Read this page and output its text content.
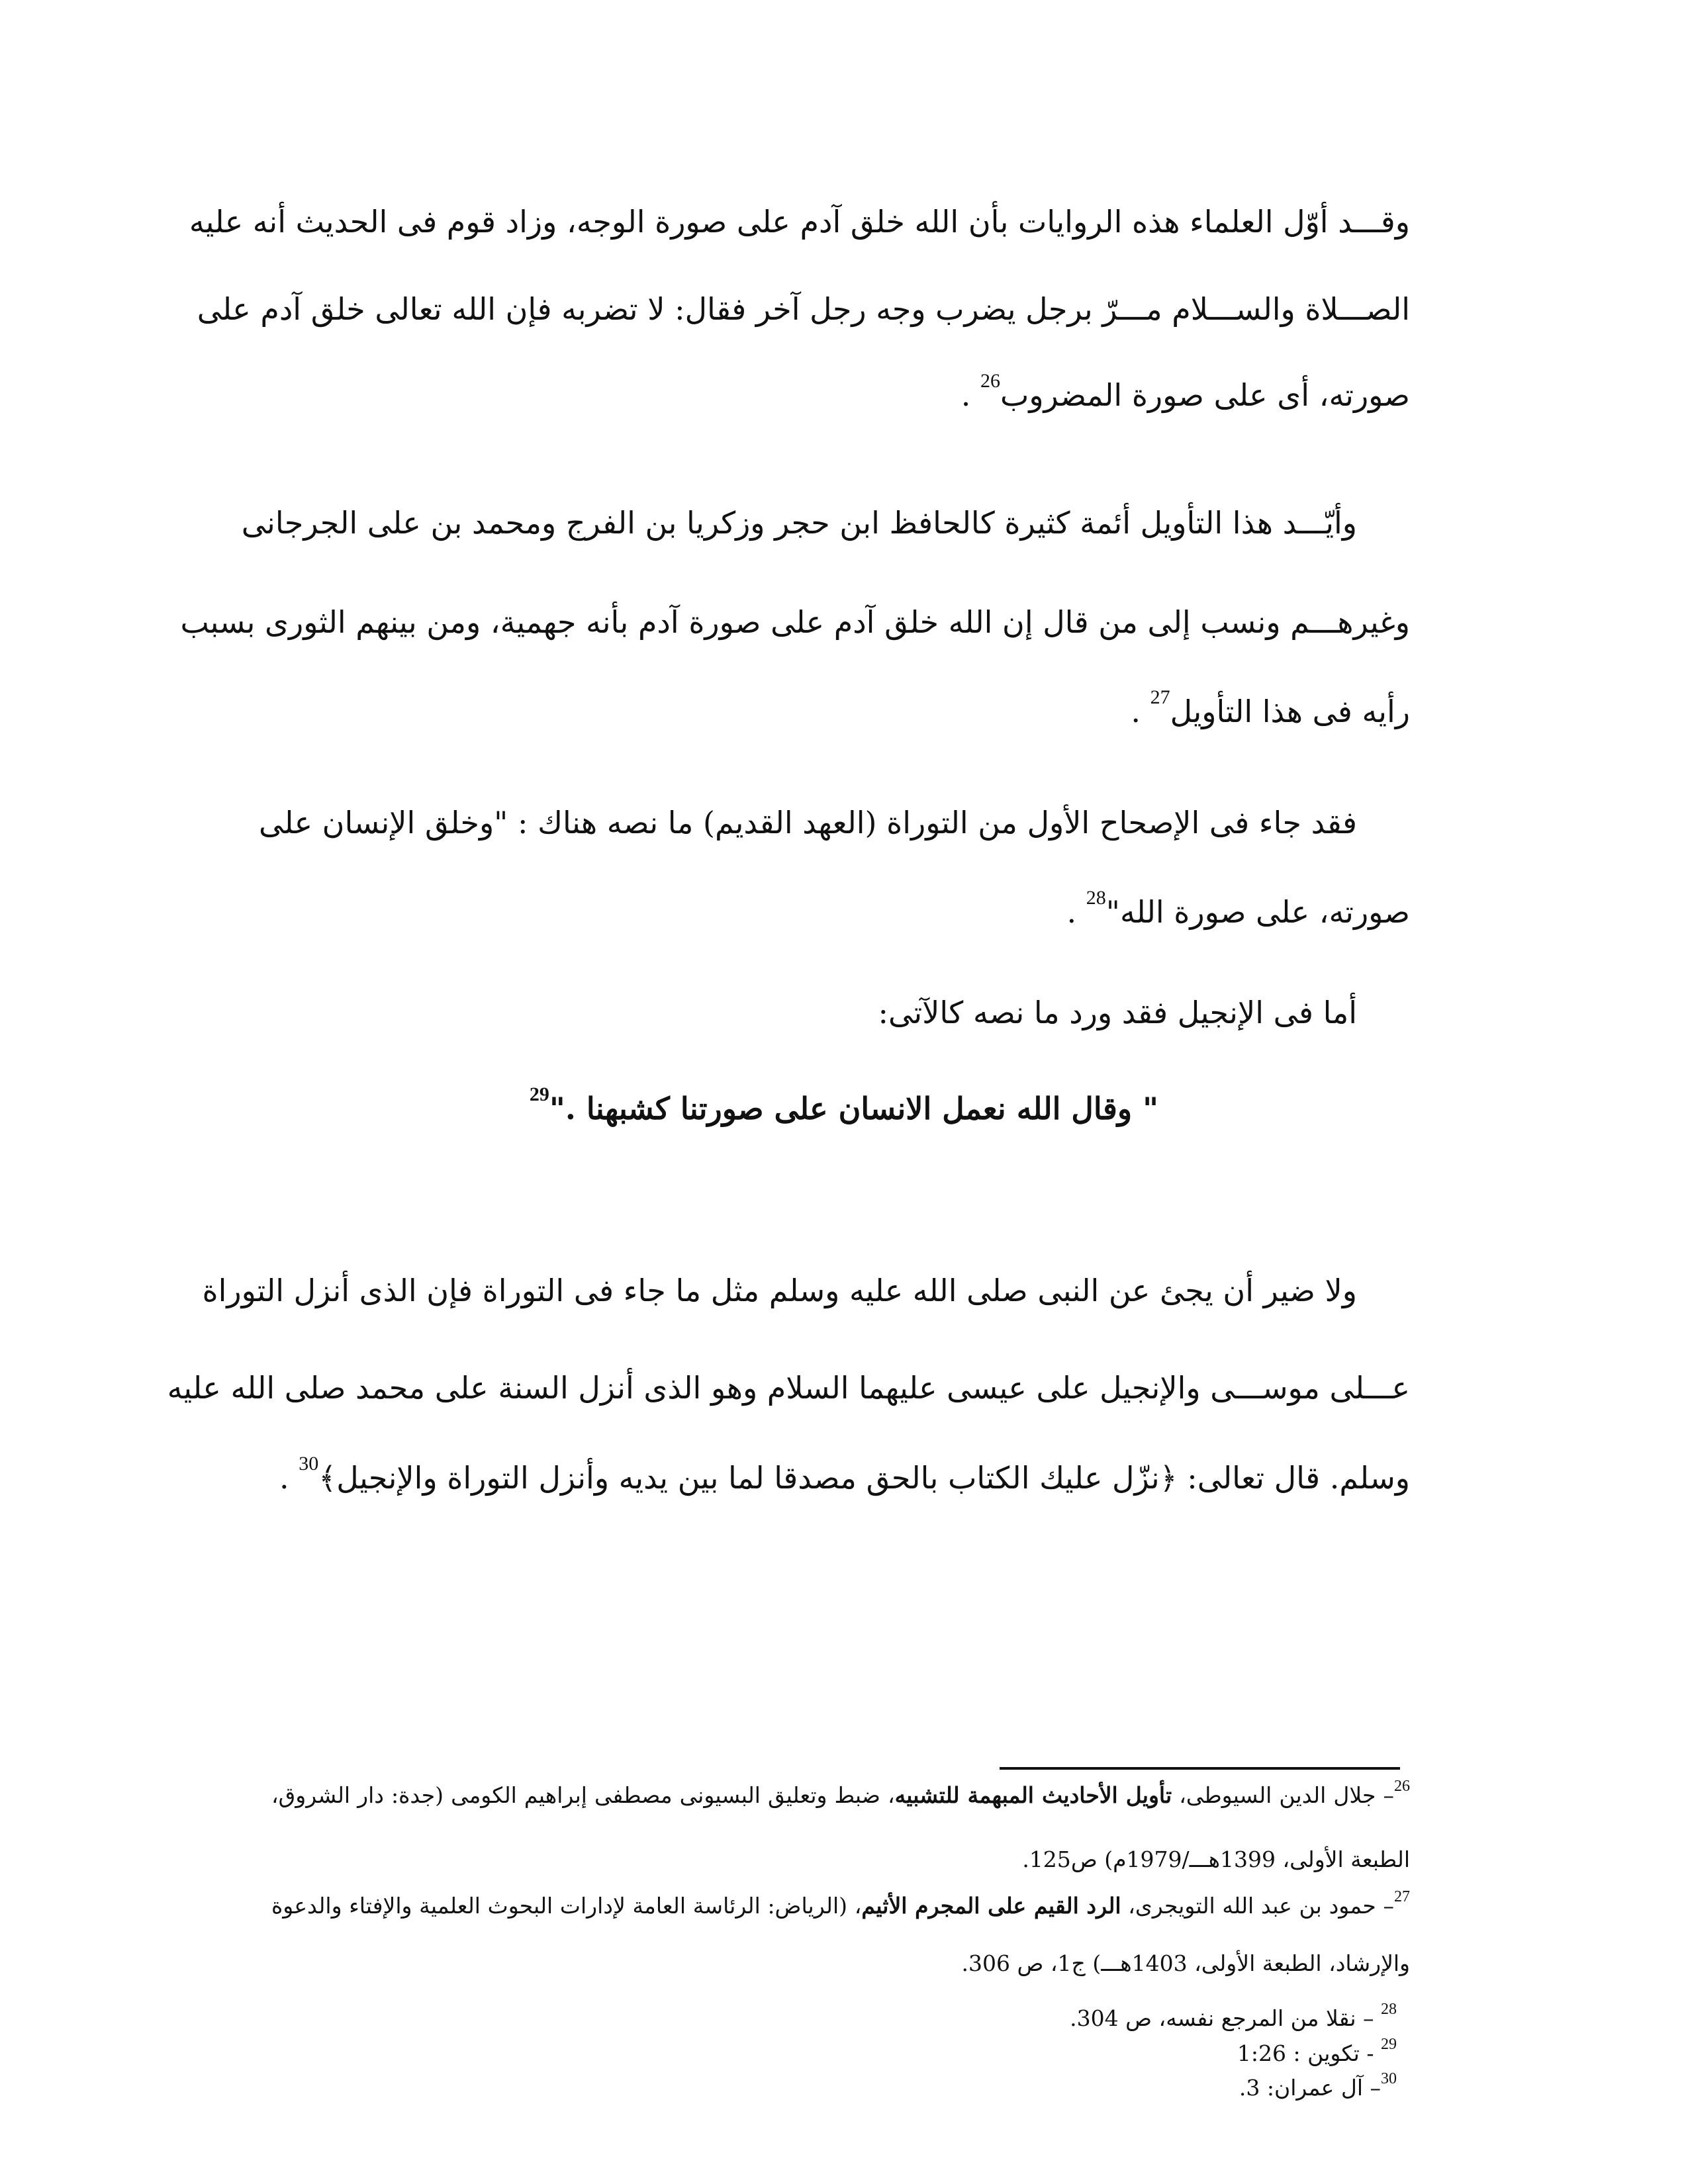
وقـــد أوّل العلماء هذه الروايات بأن الله خلق آدم على صورة الوجه، وزاد قوم فى الحديث أنه عليه
الصـــلاة والســـلام مـــرّ برجل يضرب وجه رجل آخر فقال: لا تضربه فإن الله تعالى خلق آدم على
صورته، أى على صورة المضروب$^{26}$ .
وأيّـــد هذا التأويل أئمة كثيرة كالحافظ ابن حجر وزكريا بن الفرج ومحمد بن على الجرجانى
وغيرهـــم ونسب إلى من قال إن الله خلق آدم على صورة آدم بأنه جهمية، ومن بينهم الثورى بسبب
رأيه فى هذا التأويل$^{27}$ .
فقد جاء فى الإصحاح الأول من التوراة (العهد القديم) ما نصه هناك : "وخلق الإنسان على
صورته، على صورة الله"$^{28}$ .
أما فى الإنجيل فقد ورد ما نصه كالآتى:
" وقال الله نعمل الانسان على صورتنا كشبهنا ."$^{29}$
ولا ضير أن يجئ عن النبى صلى الله عليه وسلم مثل ما جاء فى التوراة فإن الذى أنزل التوراة
عـــلى موســـى والإنجيل على عيسى عليهما السلام وهو الذى أنزل السنة على محمد صلى الله عليه
وسلم. قال تعالى: ﴿نزّل عليك الكتاب بالحق مصدقا لما بين يديه وأنزل التوراة والإنجيل﴾$^{30}$ .
$^{26}$– جلال الدين السيوطى، تأويل الأحاديث المبهمة للتشبيه، ضبط وتعليق البسيونى مصطفى إبراهيم الكومى (جدة: دار الشروق،
الطبعة الأولى، 1399هـــ/1979م) ص125.
$^{27}$– حمود بن عبد الله التويجرى، الرد القيم على المجرم الأثيم، (الرياض: الرئاسة العامة لإدارات البحوث العلمية والإفتاء والدعوة
والإرشاد، الطبعة الأولى، 1403هـــ) ج1، ص 306.
$^{28}$ – نقلا من المرجع نفسه، ص 304.
$^{29}$ - تكوين : 1:26
$^{30}$– آل عمران: 3.
